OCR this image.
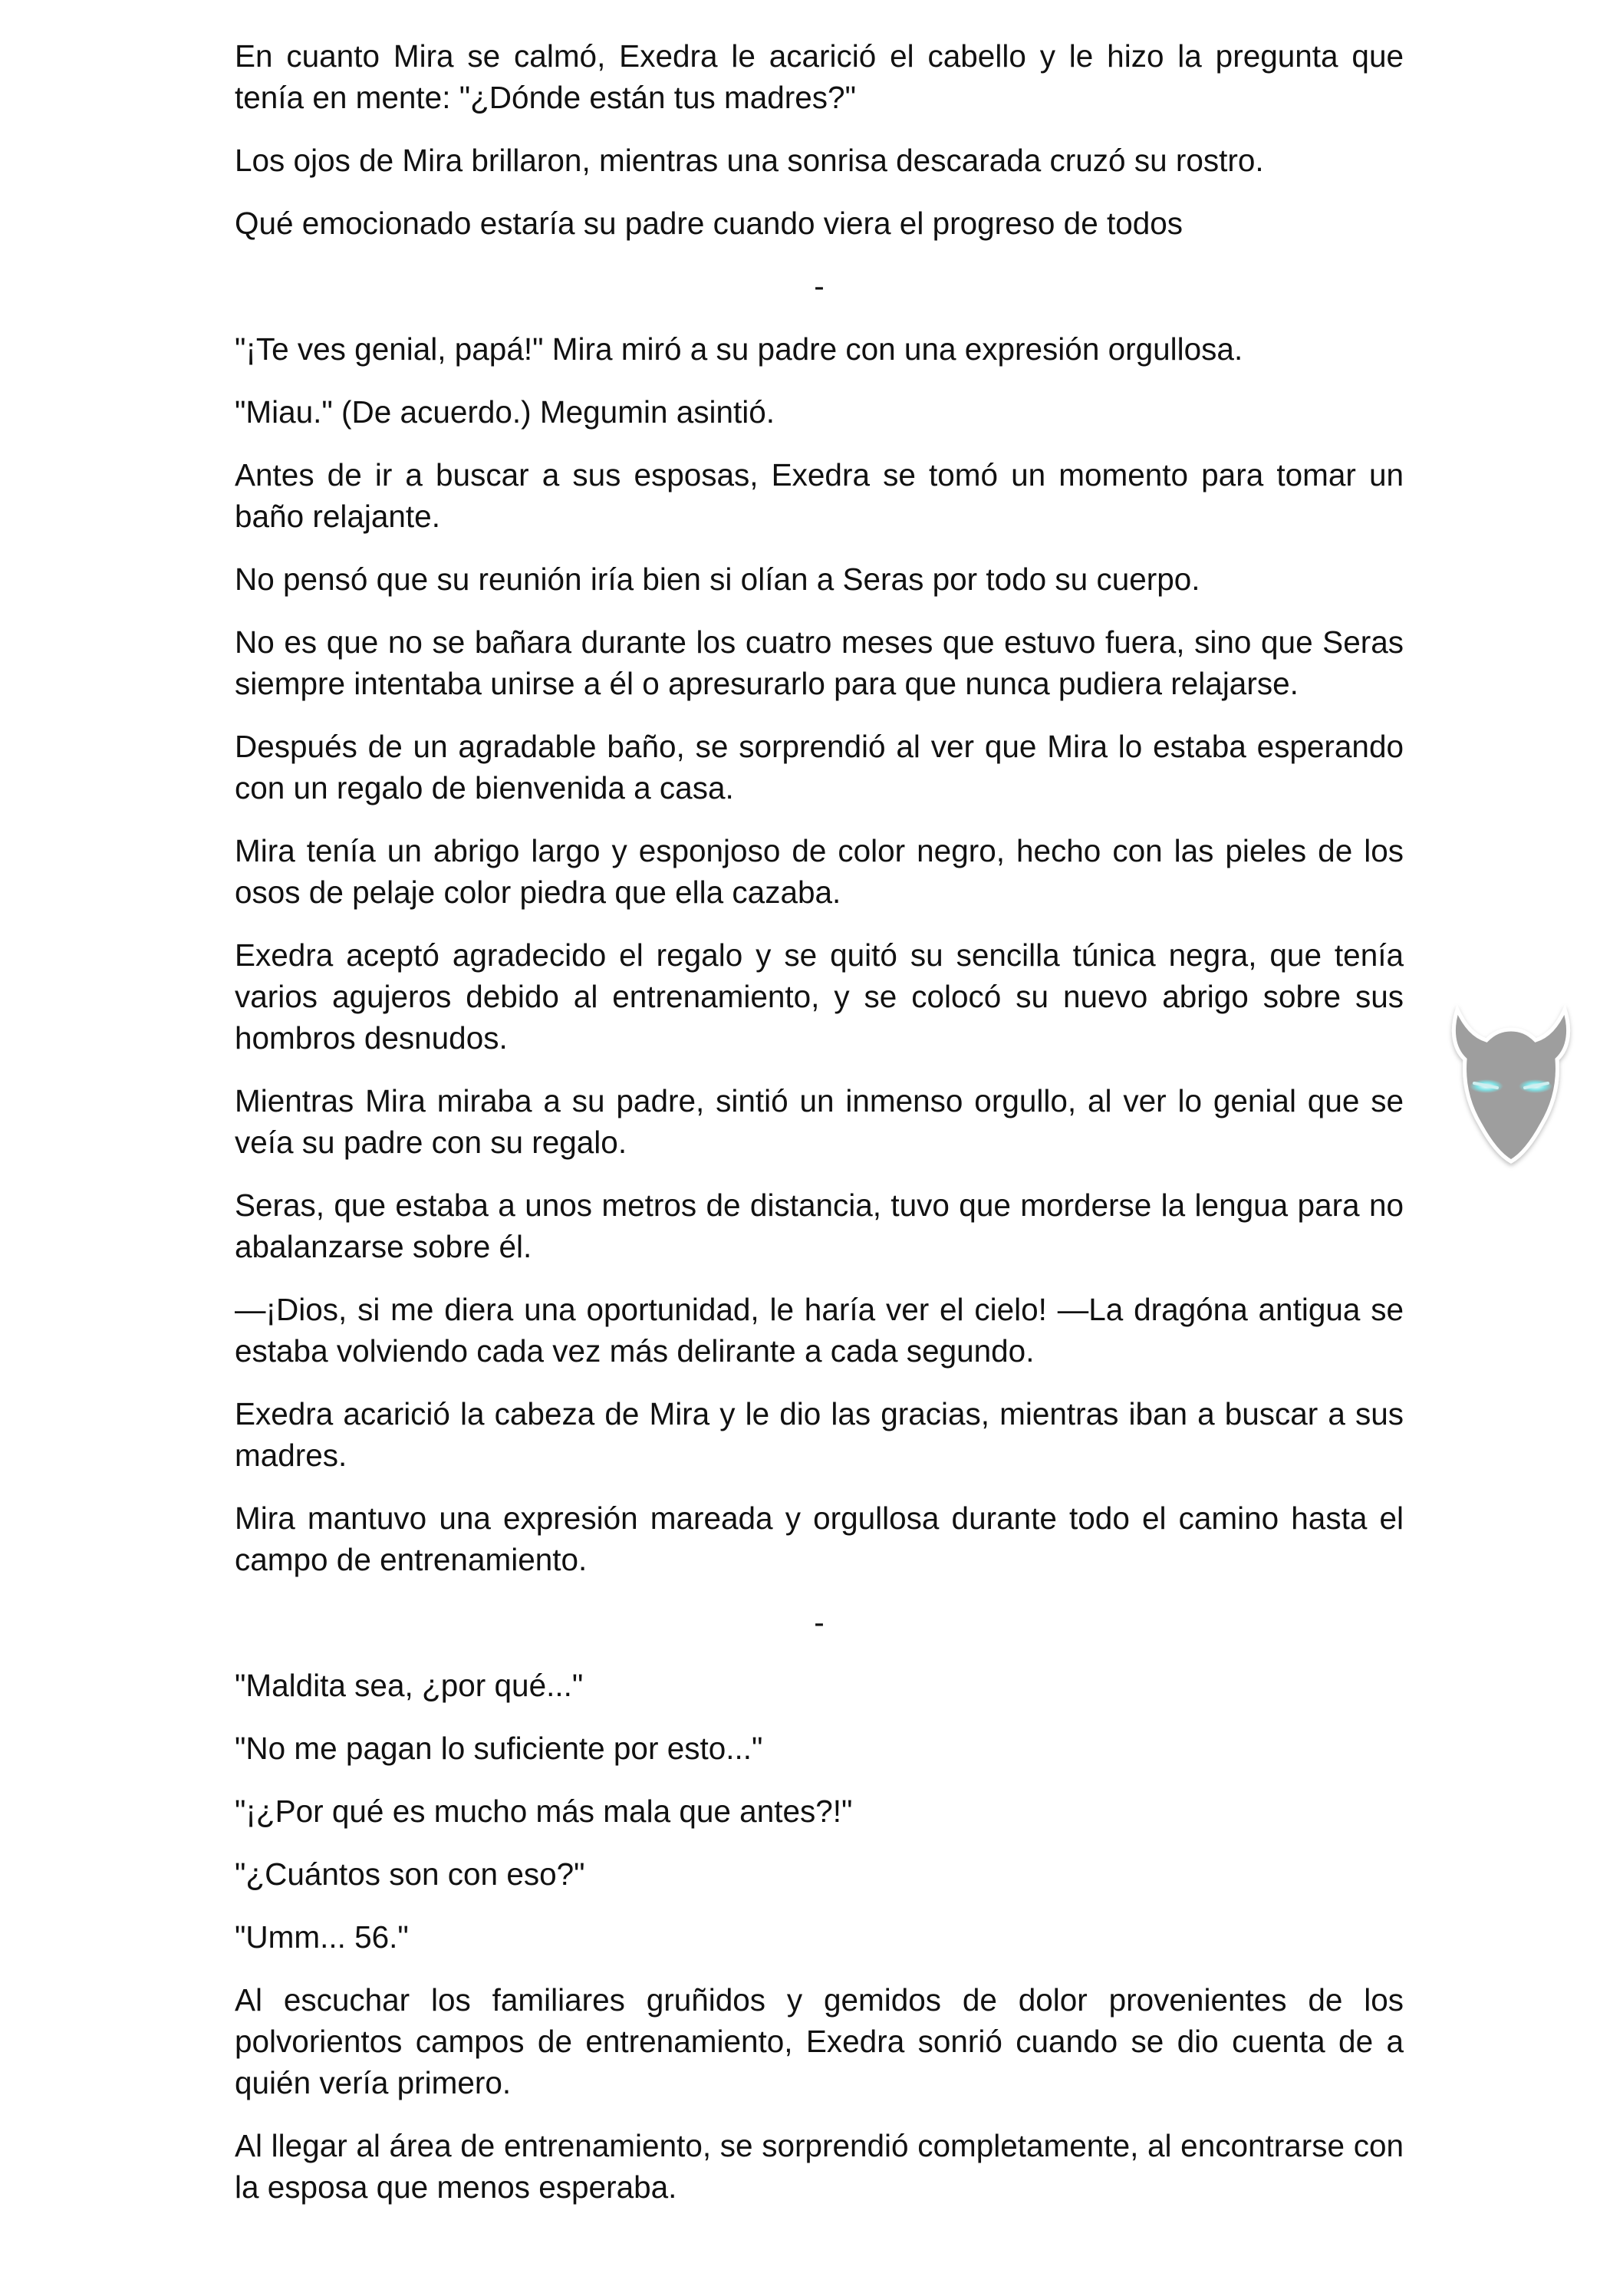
En cuanto Mira se calmó, Exedra le acarició el cabello y le hizo la pregunta que tenía en mente: "¿Dónde están tus madres?"

Los ojos de Mira brillaron, mientras una sonrisa descarada cruzó su rostro.

Qué emocionado estaría su padre cuando viera el progreso de todos

-

"¡Te ves genial, papá!" Mira miró a su padre con una expresión orgullosa.

"Miau." (De acuerdo.) Megumin asintió.

Antes de ir a buscar a sus esposas, Exedra se tomó un momento para tomar un baño relajante.

No pensó que su reunión iría bien si olían a Seras por todo su cuerpo.

No es que no se bañara durante los cuatro meses que estuvo fuera, sino que Seras siempre intentaba unirse a él o apresurarlo para que nunca pudiera relajarse.

Después de un agradable baño, se sorprendió al ver que Mira lo estaba esperando con un regalo de bienvenida a casa.

Mira tenía un abrigo largo y esponjoso de color negro, hecho con las pieles de los osos de pelaje color piedra que ella cazaba.

Exedra aceptó agradecido el regalo y se quitó su sencilla túnica negra, que tenía varios agujeros debido al entrenamiento, y se colocó su nuevo abrigo sobre sus hombros desnudos.

Mientras Mira miraba a su padre, sintió un inmenso orgullo, al ver lo genial que se veía su padre con su regalo.

Seras, que estaba a unos metros de distancia, tuvo que morderse la lengua para no abalanzarse sobre él.

—¡Dios, si me diera una oportunidad, le haría ver el cielo! —La dragóna antigua se estaba volviendo cada vez más delirante a cada segundo.

Exedra acarició la cabeza de Mira y le dio las gracias, mientras iban a buscar a sus madres.

Mira mantuvo una expresión mareada y orgullosa durante todo el camino hasta el campo de entrenamiento.

-

"Maldita sea, ¿por qué..."

"No me pagan lo suficiente por esto..."

"¡¿Por qué es mucho más mala que antes?!"

"¿Cuántos son con eso?"

"Umm... 56."

Al escuchar los familiares gruñidos y gemidos de dolor provenientes de los polvorientos campos de entrenamiento, Exedra sonrió cuando se dio cuenta de a quién vería primero.

Al llegar al área de entrenamiento, se sorprendió completamente, al encontrarse con la esposa que menos esperaba.
